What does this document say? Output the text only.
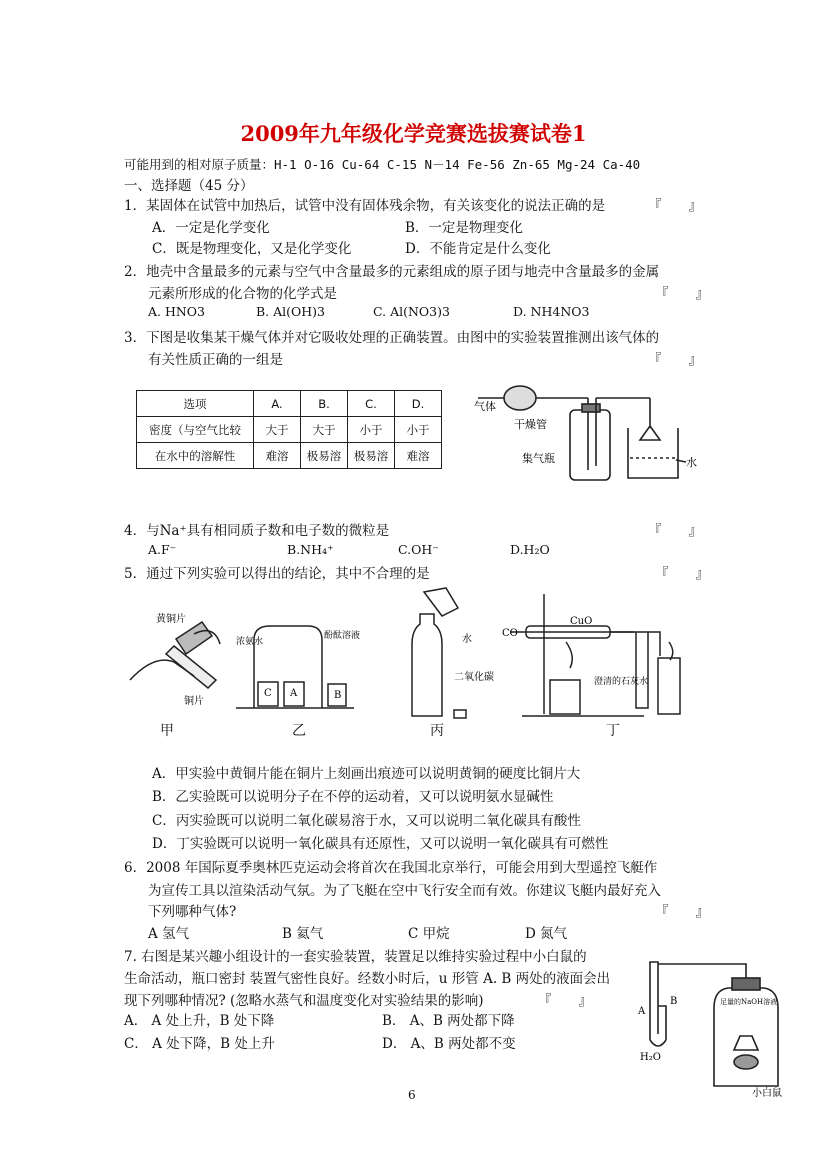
2009年九年级化学竞赛选拔赛试卷1
可能用到的相对原子质量：H-1 O-16 Cu-64 C-15 N－14 Fe-56 Zn-65 Mg-24 Ca-40
一、选择题（45 分）
1．某固体在试管中加热后，试管中没有固体残余物，有关该变化的说法正确的是	『　　』
A．一定是化学变化	B．一定是物理变化
C．既是物理变化，又是化学变化	D．不能肯定是什么变化
2．地壳中含量最多的元素与空气中含量最多的元素组成的原子团与地壳中含量最多的金属
元素所形成的化合物的化学式是	『　　』
A. HNO3	B. Al(OH)3	C. Al(NO3)3	D. NH4NO3
3．下图是收集某干燥气体并对它吸收处理的正确装置。由图中的实验装置推测出该气体的
有关性质正确的一组是	『　　』
选项	A.	B.	C.	D.
密度（与空气比较	大于	大于	小于	小于
在水中的溶解性	难溶	极易溶	极易溶	难溶
气体
干燥管
集气瓶	水
4．与Na⁺具有相同质子数和电子数的微粒是	『　　』
A.F⁻	B.NH₄⁺	C.OH⁻	D.H₂O
5．通过下列实验可以得出的结论，其中不合理的是	『　　』
黄铜片
铜片
浓氨水
酚酞溶液
C A	B
水
二氧化碳
CO
CuO
澄清的石灰水
甲	乙	丙	丁
A．甲实验中黄铜片能在铜片上刻画出痕迹可以说明黄铜的硬度比铜片大
B．乙实验既可以说明分子在不停的运动着，又可以说明氨水显碱性
C．丙实验既可以说明二氧化碳易溶于水，又可以说明二氧化碳具有酸性
D．丁实验既可以说明一氧化碳具有还原性，又可以说明一氧化碳具有可燃性
6．2008 年国际夏季奥林匹克运动会将首次在我国北京举行，可能会用到大型遥控飞艇作
为宣传工具以渲染活动气氛。为了飞艇在空中飞行安全而有效。你建议飞艇内最好充入
下列哪种气体?	『　　』
A 氢气	B 氦气	C 甲烷	D 氮气
7. 右图是某兴趣小组设计的一套实验装置，装置足以维持实验过程中小白鼠的
生命活动，瓶口密封 装置气密性良好。经数小时后，u 形管 A. B 两处的液面会出
现下列哪种情况? (忽略水蒸气和温度变化对实验结果的影响)	『　　』
A． A 处上升，B 处下降	B． A、B 两处都下降
C． A 处下降，B 处上升	D． A、B 两处都不变
A
B
H₂O
足量的NaOH溶液
小白鼠
6
